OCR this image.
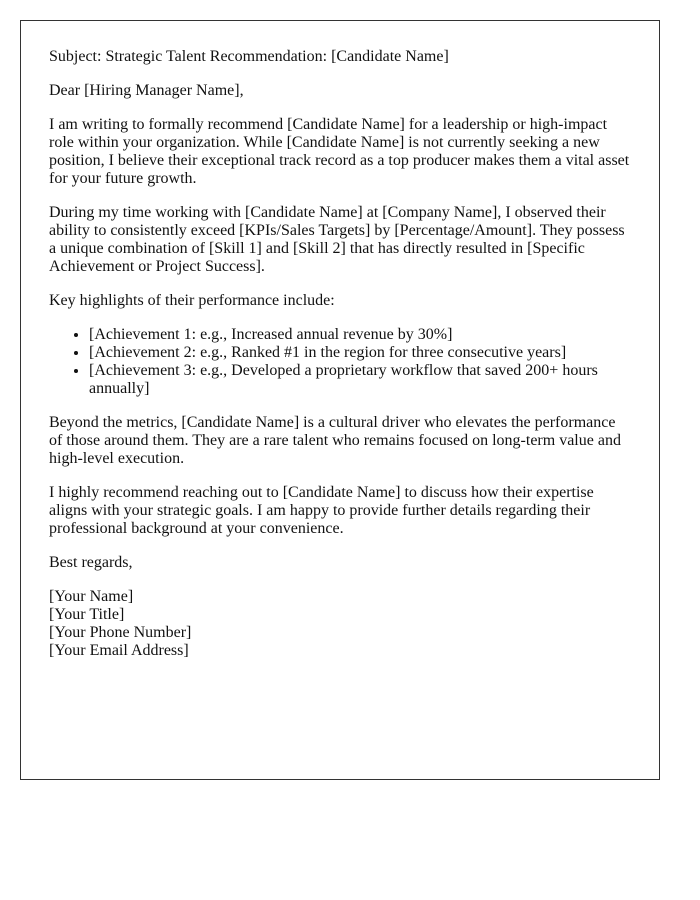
Subject: Strategic Talent Recommendation: [Candidate Name]

Dear [Hiring Manager Name],

I am writing to formally recommend [Candidate Name] for a leadership or high-impact role within your organization. While [Candidate Name] is not currently seeking a new position, I believe their exceptional track record as a top producer makes them a vital asset for your future growth.

During my time working with [Candidate Name] at [Company Name], I observed their ability to consistently exceed [KPIs/Sales Targets] by [Percentage/Amount]. They possess a unique combination of [Skill 1] and [Skill 2] that has directly resulted in [Specific Achievement or Project Success].

Key highlights of their performance include:

• [Achievement 1: e.g., Increased annual revenue by 30%]
• [Achievement 2: e.g., Ranked #1 in the region for three consecutive years]
• [Achievement 3: e.g., Developed a proprietary workflow that saved 200+ hours annually]

Beyond the metrics, [Candidate Name] is a cultural driver who elevates the performance of those around them. They are a rare talent who remains focused on long-term value and high-level execution.

I highly recommend reaching out to [Candidate Name] to discuss how their expertise aligns with your strategic goals. I am happy to provide further details regarding their professional background at your convenience.

Best regards,

[Your Name]
[Your Title]
[Your Phone Number]
[Your Email Address]
